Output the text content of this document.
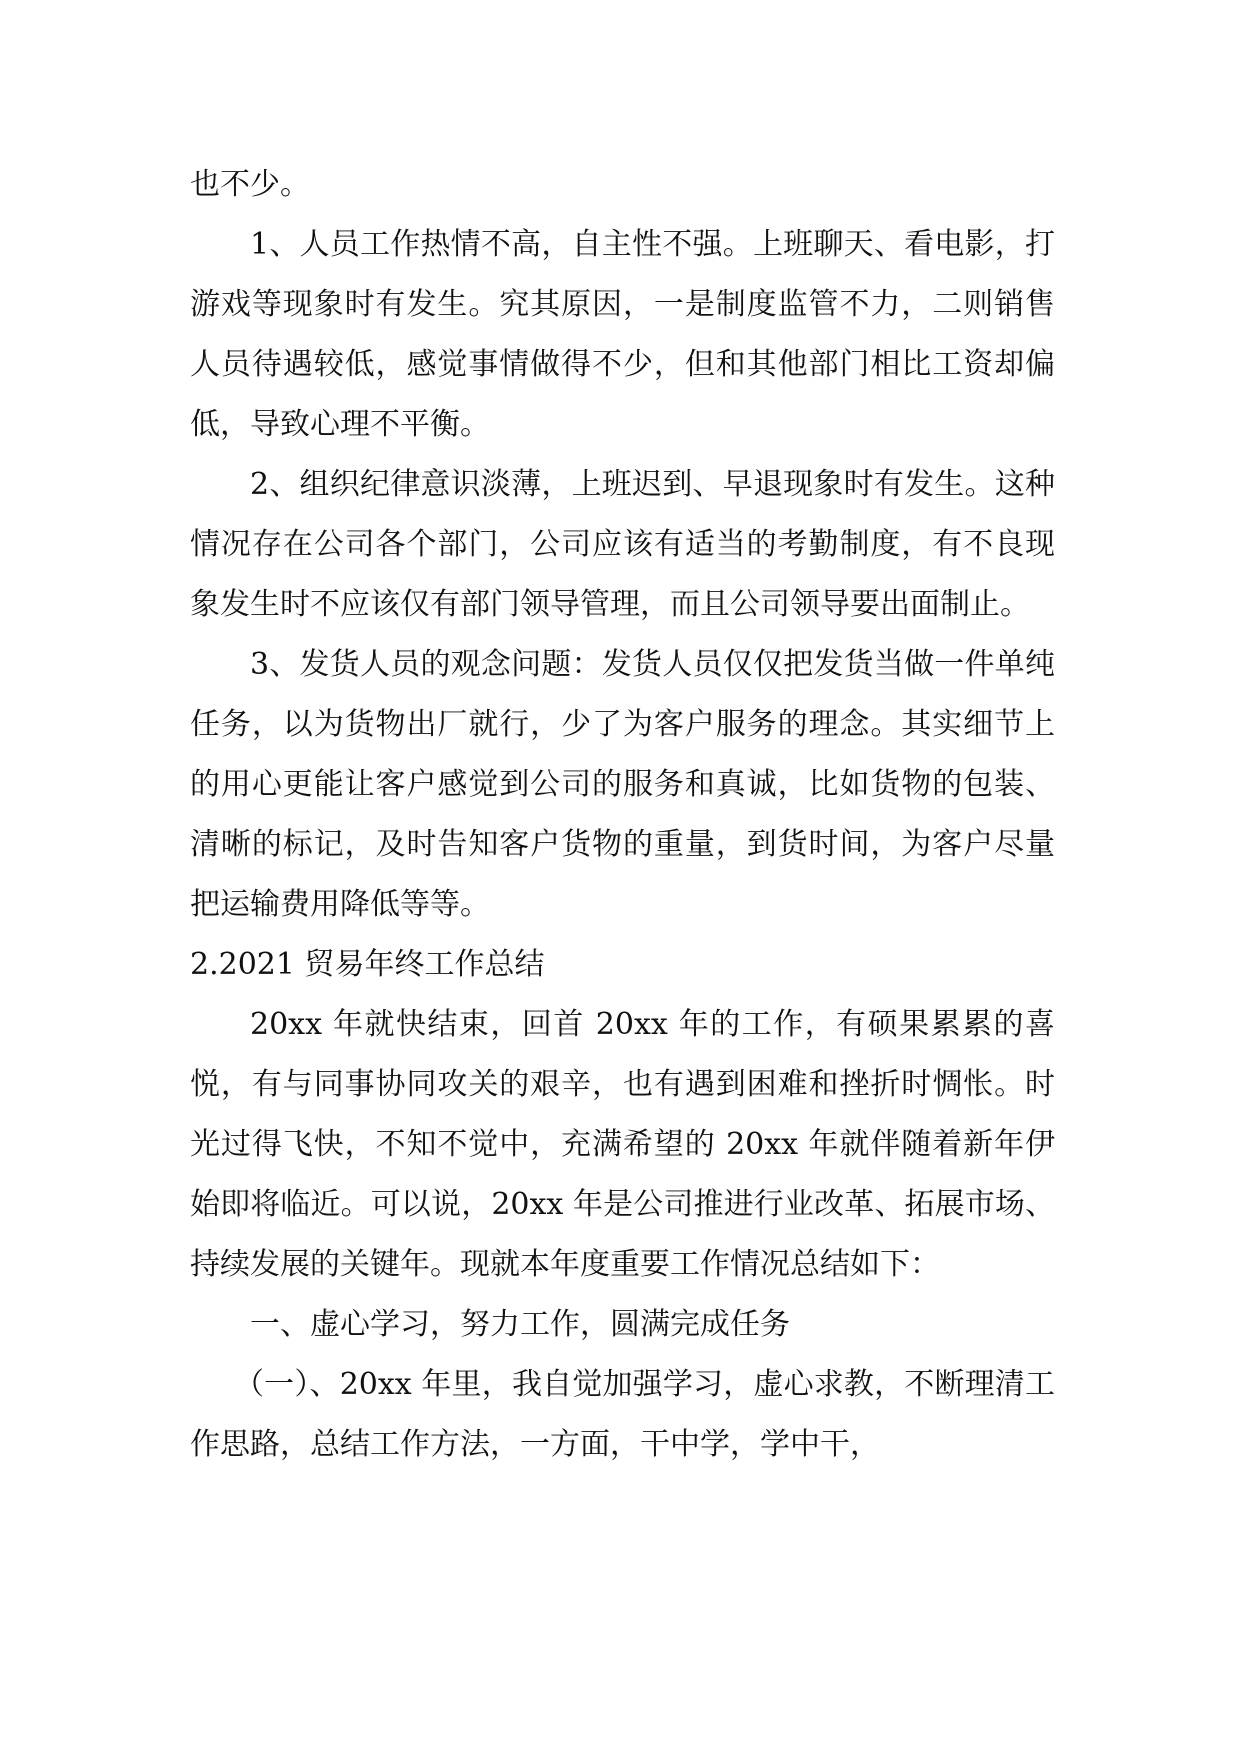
也不少。

1、人员工作热情不高，自主性不强。上班聊天、看电影，打游戏等现象时有发生。究其原因，一是制度监管不力，二则销售人员待遇较低，感觉事情做得不少，但和其他部门相比工资却偏低，导致心理不平衡。

2、组织纪律意识淡薄，上班迟到、早退现象时有发生。这种情况存在公司各个部门，公司应该有适当的考勤制度，有不良现象发生时不应该仅有部门领导管理，而且公司领导要出面制止。

3、发货人员的观念问题：发货人员仅仅把发货当做一件单纯任务，以为货物出厂就行，少了为客户服务的理念。其实细节上的用心更能让客户感觉到公司的服务和真诚，比如货物的包装、清晰的标记，及时告知客户货物的重量，到货时间，为客户尽量把运输费用降低等等。

2.2021 贸易年终工作总结

20xx 年就快结束，回首 20xx 年的工作，有硕果累累的喜悦，有与同事协同攻关的艰辛，也有遇到困难和挫折时惆怅。时光过得飞快，不知不觉中，充满希望的 20xx 年就伴随着新年伊始即将临近。可以说，20xx 年是公司推进行业改革、拓展市场、持续发展的关键年。现就本年度重要工作情况总结如下：

一、虚心学习，努力工作，圆满完成任务

（一）、20xx 年里，我自觉加强学习，虚心求教，不断理清工作思路，总结工作方法，一方面，干中学，学中干，
